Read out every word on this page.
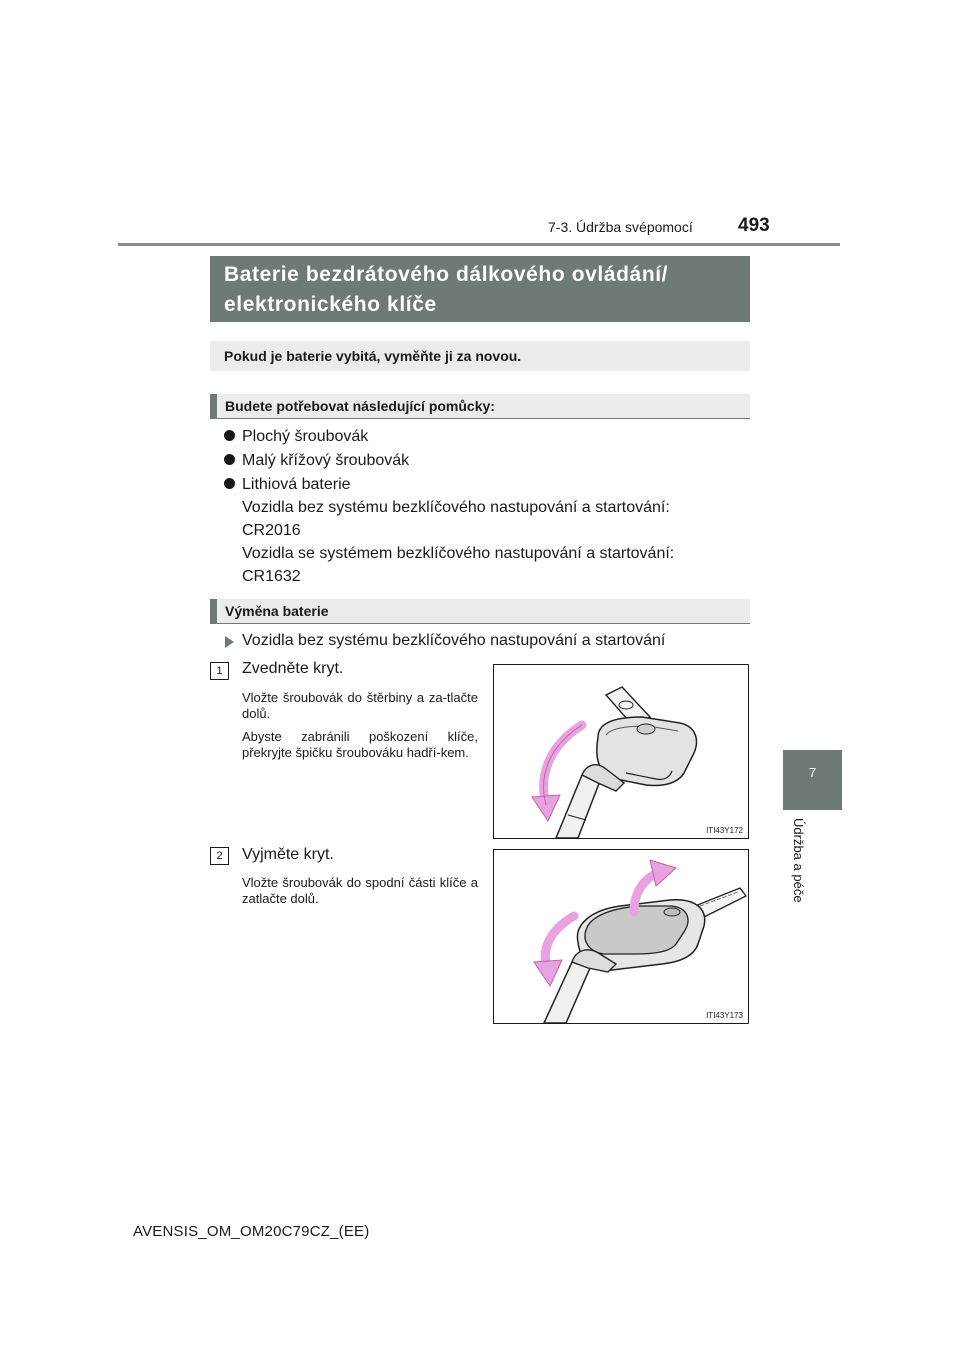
7-3. Údržba svépomocí 493
7
Údržba a péče
Baterie bezdrátového dálkového ovládání/
elektronického klíče
Pokud je baterie vybitá, vyměňte ji za novou.
Budete potřebovat následující pomůcky:
Plochý šroubovák
Malý křížový šroubovák
Lithiová baterie
Vozidla bez systému bezklíčového nastupování a startování:
CR2016
Vozidla se systémem bezklíčového nastupování a startování:
CR1632
Výměna baterie
Vozidla bez systému bezklíčového nastupování a startování
1	Zvedněte kryt.
Vložte šroubovák do štěrbiny a za-tlačte dolů.
Abyste zabránili poškození klíče, překryjte špičku šroubováku hadří-kem.
ITI43Y172
2	Vyjměte kryt.
Vložte šroubovák do spodní části klíče a zatlačte dolů.
ITI43Y173
AVENSIS_OM_OM20C79CZ_(EE)
